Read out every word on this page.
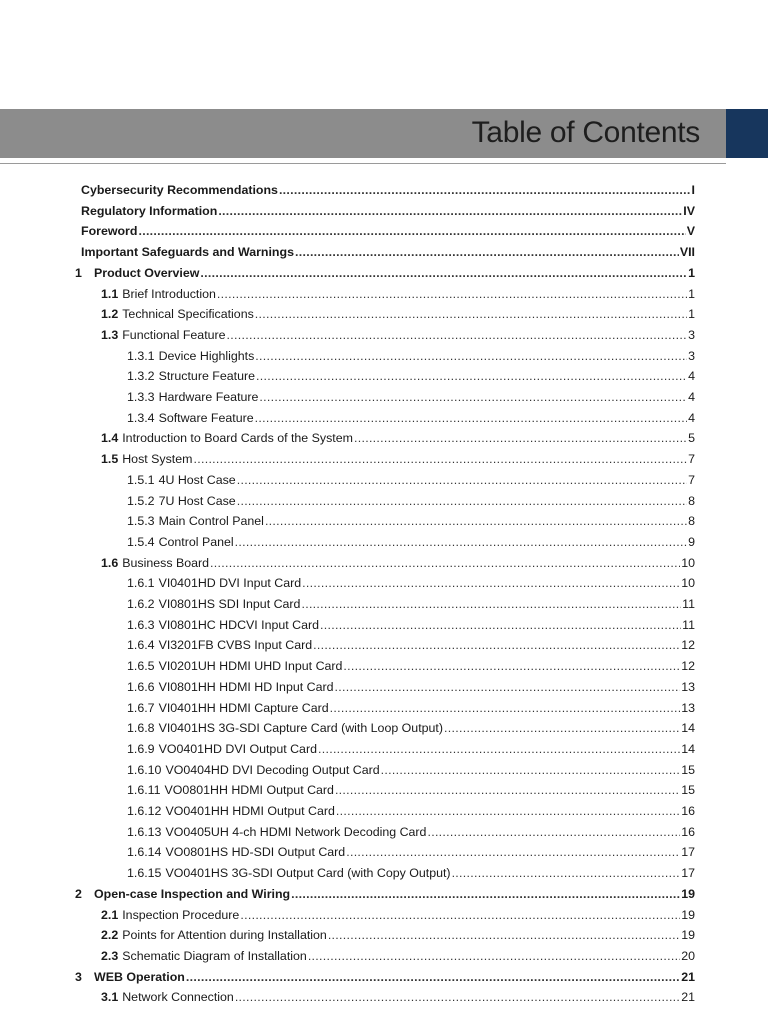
Table of Contents
Cybersecurity Recommendations .....	I
Regulatory Information .....	IV
Foreword .....	V
Important Safeguards and Warnings .....	VII
1 Product Overview .....	1
1.1 Brief Introduction .....	1
1.2 Technical Specifications .....	1
1.3 Functional Feature .....	3
1.3.1 Device Highlights .....	3
1.3.2 Structure Feature .....	4
1.3.3 Hardware Feature .....	4
1.3.4 Software Feature .....	4
1.4 Introduction to Board Cards of the System .....	5
1.5 Host System .....	7
1.5.1 4U Host Case .....	7
1.5.2 7U Host Case .....	8
1.5.3 Main Control Panel .....	8
1.5.4 Control Panel .....	9
1.6 Business Board .....	10
1.6.1 VI0401HD DVI Input Card .....	10
1.6.2 VI0801HS SDI Input Card .....	11
1.6.3 VI0801HC HDCVI Input Card .....	11
1.6.4 VI3201FB CVBS Input Card .....	12
1.6.5 VI0201UH HDMI UHD Input Card .....	12
1.6.6 VI0801HH HDMI HD Input Card .....	13
1.6.7 VI0401HH HDMI Capture Card .....	13
1.6.8 VI0401HS 3G-SDI Capture Card (with Loop Output) .....	14
1.6.9 VO0401HD DVI Output Card .....	14
1.6.10 VO0404HD DVI Decoding Output Card .....	15
1.6.11 VO0801HH HDMI Output Card .....	15
1.6.12 VO0401HH HDMI Output Card .....	16
1.6.13 VO0405UH 4-ch HDMI Network Decoding Card .....	16
1.6.14 VO0801HS HD-SDI Output Card .....	17
1.6.15 VO0401HS 3G-SDI Output Card (with Copy Output) .....	17
2 Open-case Inspection and Wiring .....	19
2.1 Inspection Procedure .....	19
2.2 Points for Attention during Installation .....	19
2.3 Schematic Diagram of Installation .....	20
3 WEB Operation .....	21
3.1 Network Connection .....	21
